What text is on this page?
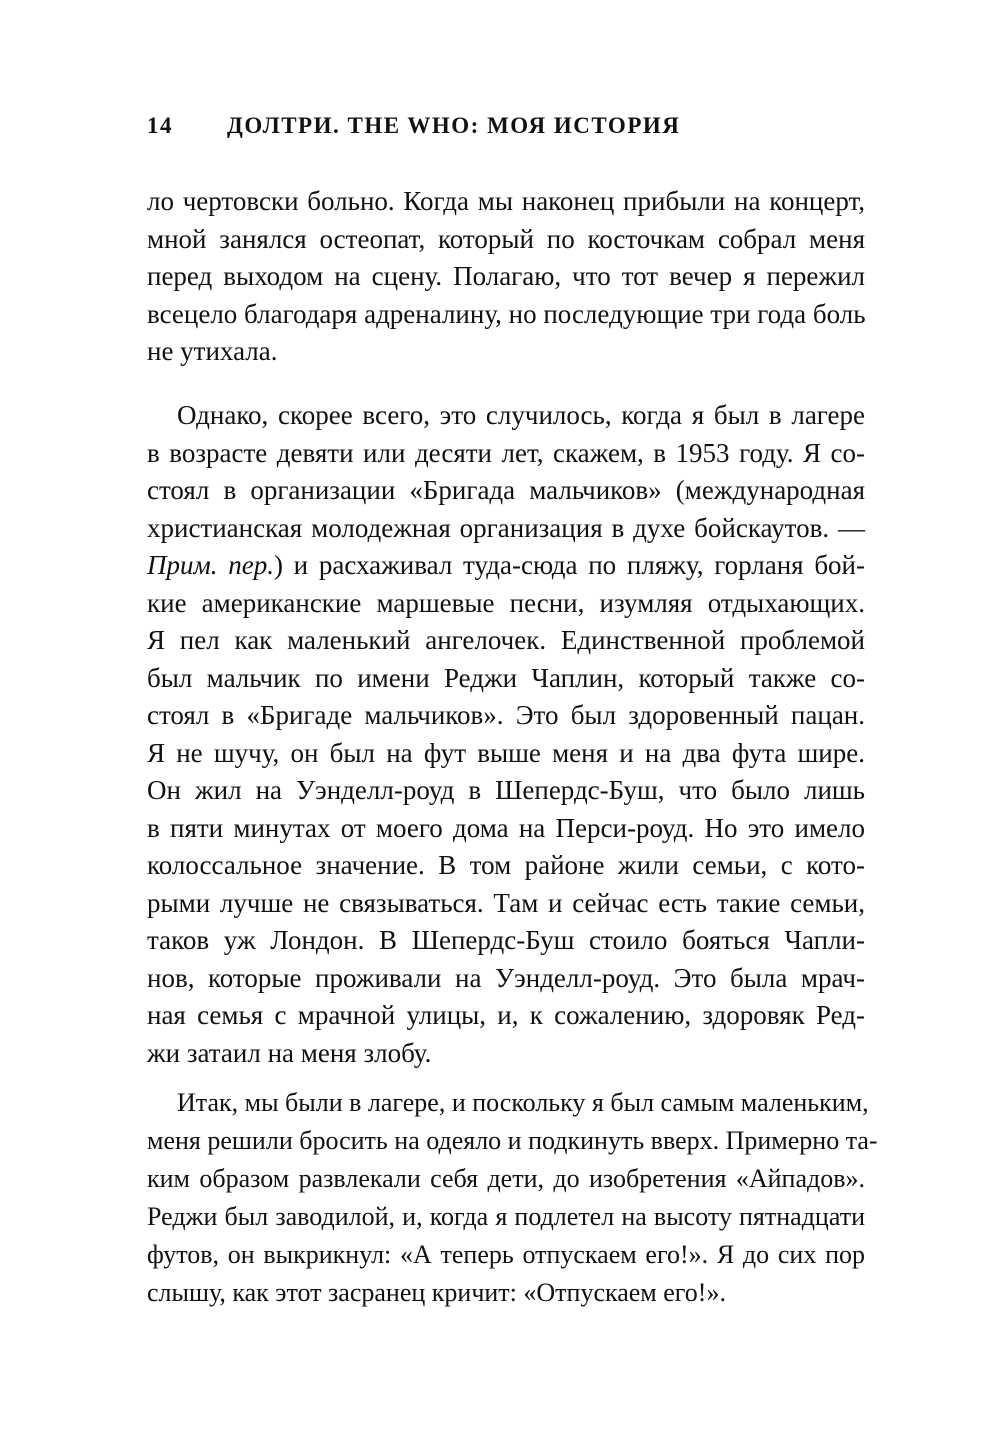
14 ДОЛТРИ. THE WHO: МОЯ ИСТОРИЯ
ло чертовски больно. Когда мы наконец прибыли на концерт,
мной занялся остеопат, который по косточкам собрал меня
перед выходом на сцену. Полагаю, что тот вечер я пережил
всецело благодаря адреналину, но последующие три года боль
не утихала.
Однако, скорее всего, это случилось, когда я был в лагере
в возрасте девяти или десяти лет, скажем, в 1953 году. Я со-
стоял в организации «Бригада мальчиков» (международная
христианская молодежная организация в духе бойскаутов. —
Прим. пер.) и расхаживал туда-сюда по пляжу, горланя бой-
кие американские маршевые песни, изумляя отдыхающих.
Я пел как маленький ангелочек. Единственной проблемой
был мальчик по имени Реджи Чаплин, который также со-
стоял в «Бригаде мальчиков». Это был здоровенный пацан.
Я не шучу, он был на фут выше меня и на два фута шире.
Он жил на Уэнделл-роуд в Шепердс-Буш, что было лишь
в пяти минутах от моего дома на Перси-роуд. Но это имело
колоссальное значение. В том районе жили семьи, с кото-
рыми лучше не связываться. Там и сейчас есть такие семьи,
таков уж Лондон. В Шепердс-Буш стоило бояться Чапли-
нов, которые проживали на Уэнделл-роуд. Это была мрач-
ная семья с мрачной улицы, и, к сожалению, здоровяк Ред-
жи затаил на меня злобу.
Итак, мы были в лагере, и поскольку я был самым маленьким,
меня решили бросить на одеяло и подкинуть вверх. Примерно та-
ким образом развлекали себя дети, до изобретения «Айпадов».
Реджи был заводилой, и, когда я подлетел на высоту пятнадцати
футов, он выкрикнул: «А теперь отпускаем его!». Я до сих пор
слышу, как этот засранец кричит: «Отпускаем его!».
